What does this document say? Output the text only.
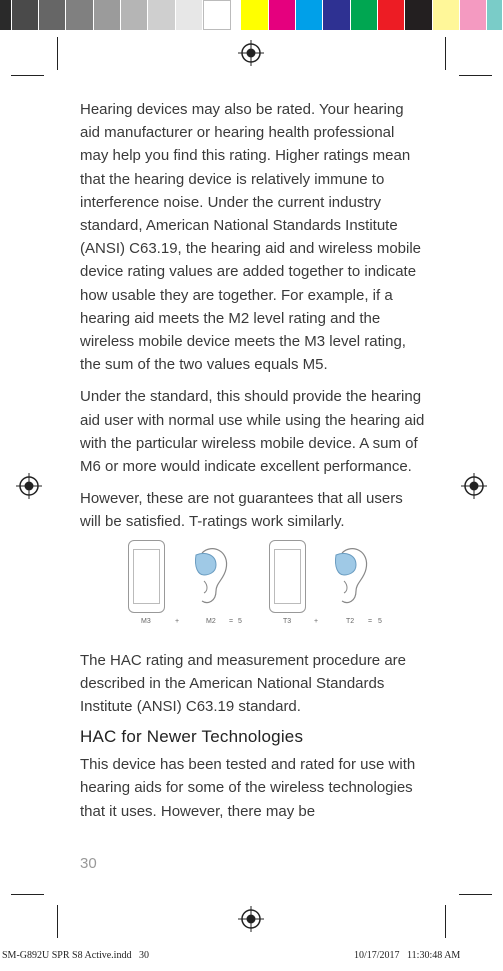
Hearing devices may also be rated. Your hearing aid manufacturer or hearing health professional may help you find this rating. Higher ratings mean that the hearing device is relatively immune to interference noise. Under the current industry standard, American National Standards Institute (ANSI) C63.19, the hearing aid and wireless mobile device rating values are added together to indicate how usable they are together. For example, if a hearing aid meets the M2 level rating and the wireless mobile device meets the M3 level rating, the sum of the two values equals M5.

Under the standard, this should provide the hearing aid user with normal use while using the hearing aid with the particular wireless mobile device. A sum of M6 or more would indicate excellent performance.

However, these are not guarantees that all users will be satisfied. T-ratings work similarly.

M3	+	M2 = 5	T3	+	T2 = 5

The HAC rating and measurement procedure are described in the American National Standards Institute (ANSI) C63.19 standard.

HAC for Newer Technologies

This device has been tested and rated for use with hearing aids for some of the wireless technologies that it uses. However, there may be

30
SM-G892U SPR S8 Active.indd   30	10/17/2017   11:30:48 AM
